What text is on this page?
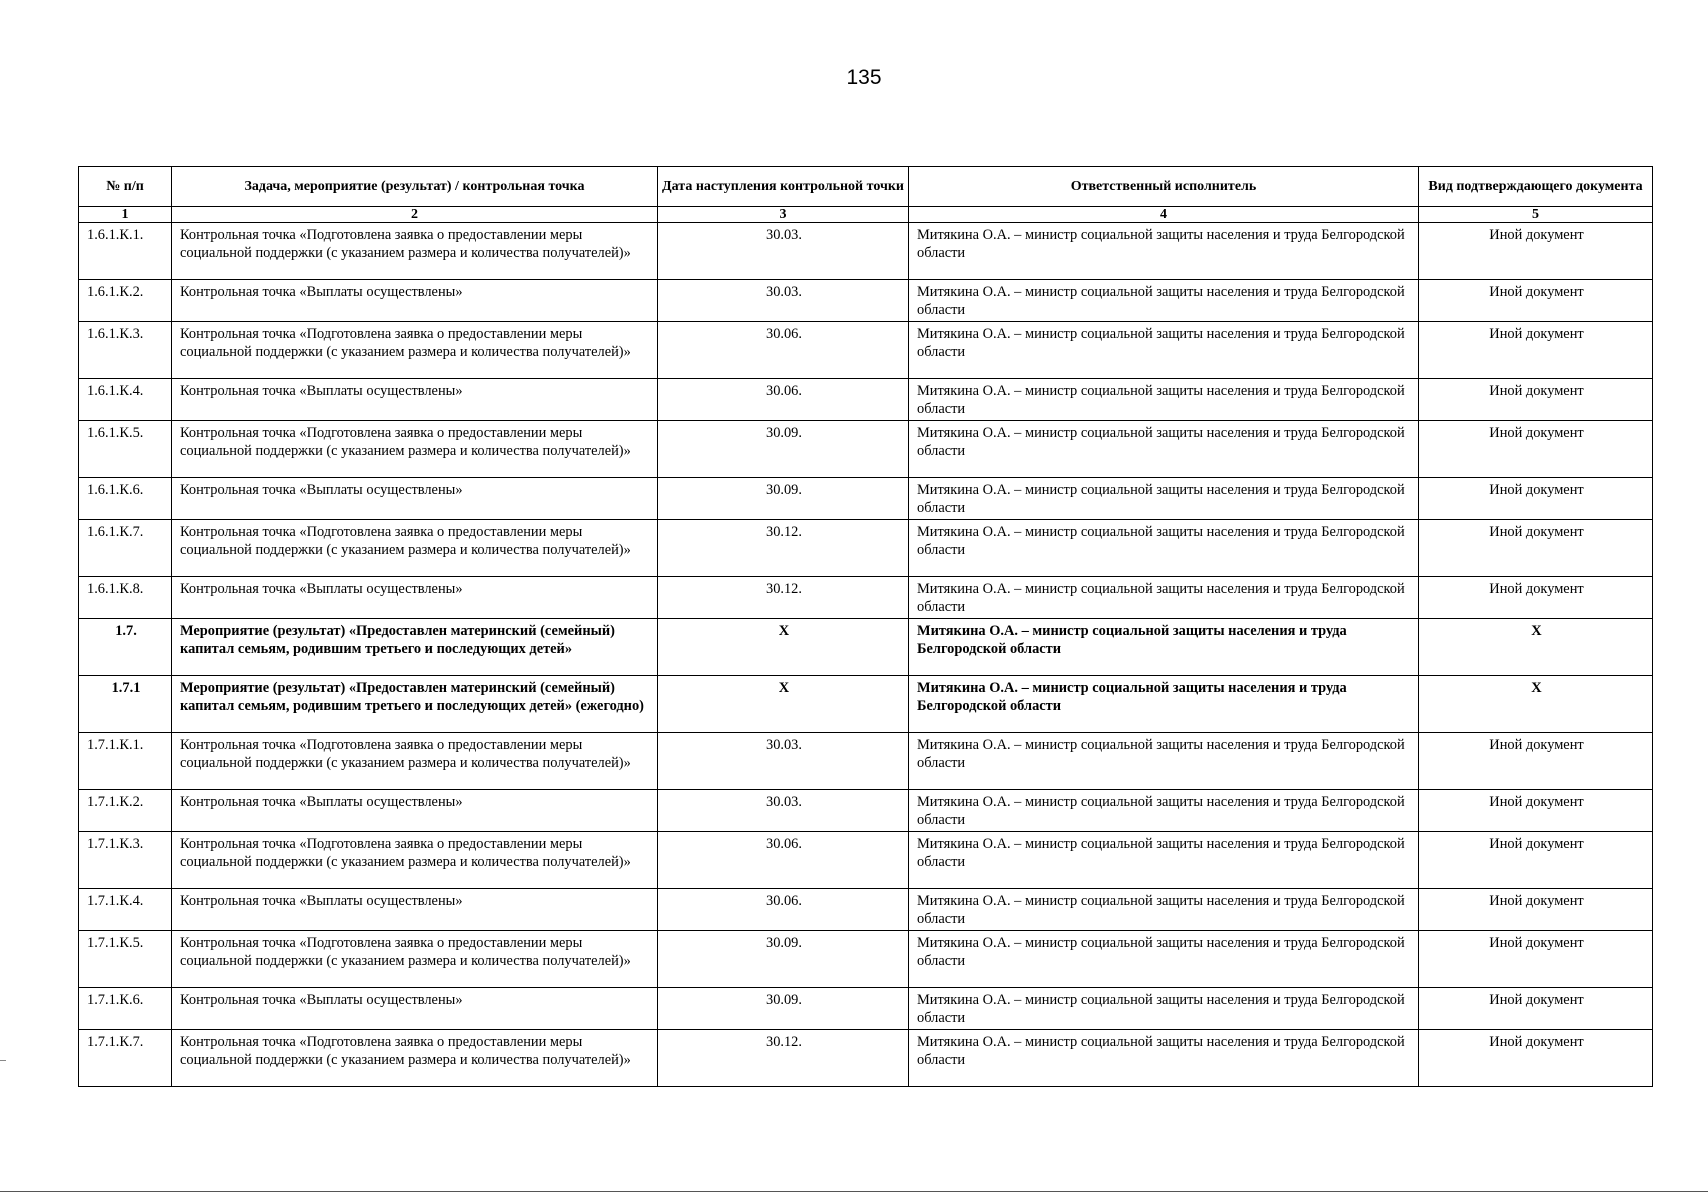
135
№ п/п	Задача, мероприятие (результат) / контрольная точка	Дата наступления контрольной точки	Ответственный исполнитель	Вид подтверждающего документа
1	2	3	4	5
1.6.1.К.1.	Контрольная точка «Подготовлена заявка о предоставлении меры социальной поддержки (с указанием размера и количества получателей)»	30.03.	Митякина О.А. – министр социальной защиты населения и труда Белгородской области	Иной документ
1.6.1.К.2.	Контрольная точка «Выплаты осуществлены»	30.03.	Митякина О.А. – министр социальной защиты населения и труда Белгородской области	Иной документ
1.6.1.К.3.	Контрольная точка «Подготовлена заявка о предоставлении меры социальной поддержки (с указанием размера и количества получателей)»	30.06.	Митякина О.А. – министр социальной защиты населения и труда Белгородской области	Иной документ
1.6.1.К.4.	Контрольная точка «Выплаты осуществлены»	30.06.	Митякина О.А. – министр социальной защиты населения и труда Белгородской области	Иной документ
1.6.1.К.5.	Контрольная точка «Подготовлена заявка о предоставлении меры социальной поддержки (с указанием размера и количества получателей)»	30.09.	Митякина О.А. – министр социальной защиты населения и труда Белгородской области	Иной документ
1.6.1.К.6.	Контрольная точка «Выплаты осуществлены»	30.09.	Митякина О.А. – министр социальной защиты населения и труда Белгородской области	Иной документ
1.6.1.К.7.	Контрольная точка «Подготовлена заявка о предоставлении меры социальной поддержки (с указанием размера и количества получателей)»	30.12.	Митякина О.А. – министр социальной защиты населения и труда Белгородской области	Иной документ
1.6.1.К.8.	Контрольная точка «Выплаты осуществлены»	30.12.	Митякина О.А. – министр социальной защиты населения и труда Белгородской области	Иной документ
1.7.	Мероприятие (результат) «Предоставлен материнский (семейный) капитал семьям, родившим третьего и последующих детей»	X	Митякина О.А. – министр социальной защиты населения и труда Белгородской области	X
1.7.1	Мероприятие (результат) «Предоставлен материнский (семейный) капитал семьям, родившим третьего и последующих детей» (ежегодно)	X	Митякина О.А. – министр социальной защиты населения и труда Белгородской области	X
1.7.1.К.1.	Контрольная точка «Подготовлена заявка о предоставлении меры социальной поддержки (с указанием размера и количества получателей)»	30.03.	Митякина О.А. – министр социальной защиты населения и труда Белгородской области	Иной документ
1.7.1.К.2.	Контрольная точка «Выплаты осуществлены»	30.03.	Митякина О.А. – министр социальной защиты населения и труда Белгородской области	Иной документ
1.7.1.К.3.	Контрольная точка «Подготовлена заявка о предоставлении меры социальной поддержки (с указанием размера и количества получателей)»	30.06.	Митякина О.А. – министр социальной защиты населения и труда Белгородской области	Иной документ
1.7.1.К.4.	Контрольная точка «Выплаты осуществлены»	30.06.	Митякина О.А. – министр социальной защиты населения и труда Белгородской области	Иной документ
1.7.1.К.5.	Контрольная точка «Подготовлена заявка о предоставлении меры социальной поддержки (с указанием размера и количества получателей)»	30.09.	Митякина О.А. – министр социальной защиты населения и труда Белгородской области	Иной документ
1.7.1.К.6.	Контрольная точка «Выплаты осуществлены»	30.09.	Митякина О.А. – министр социальной защиты населения и труда Белгородской области	Иной документ
1.7.1.К.7.	Контрольная точка «Подготовлена заявка о предоставлении меры социальной поддержки (с указанием размера и количества получателей)»	30.12.	Митякина О.А. – министр социальной защиты населения и труда Белгородской области	Иной документ
